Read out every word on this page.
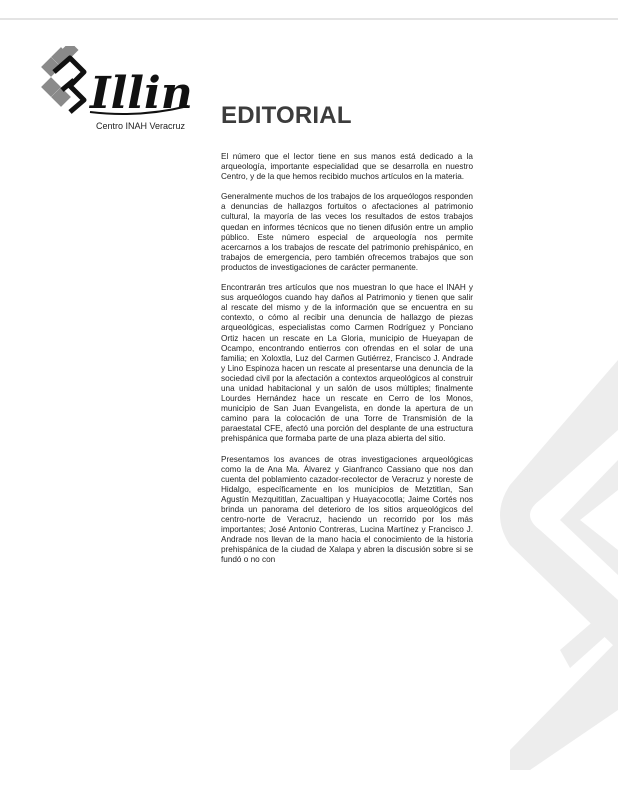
Illin
Centro INAH Veracruz EDITORIAL

El número que el lector tiene en sus manos está dedicado a la arqueología, importante especialidad que se desarrolla en nuestro Centro, y de la que hemos recibido muchos artículos en la materia.

Generalmente muchos de los trabajos de los arqueólogos responden a denuncias de hallazgos fortuitos o afectaciones al patrimonio cultural, la mayoría de las veces los resultados de estos trabajos quedan en informes técnicos que no tienen difusión entre un amplio público. Este número especial de arqueología nos permite acercarnos a los trabajos de rescate del patrimonio prehispánico, en trabajos de emergencia, pero también ofrecemos trabajos que son productos de investigaciones de carácter permanente.

Encontrarán tres artículos que nos muestran lo que hace el INAH y sus arqueólogos cuando hay daños al Patrimonio y tienen que salir al rescate del mismo y de la información que se encuentra en su contexto, o cómo al recibir una denuncia de hallazgo de piezas arqueológicas, especialistas como Carmen Rodríguez y Ponciano Ortiz hacen un rescate en La Gloria, municipio de Hueyapan de Ocampo, encontrando entierros con ofrendas en el solar de una familia; en Xoloxtla, Luz del Carmen Gutiérrez, Francisco J. Andrade y Lino Espinoza hacen un rescate al presentarse una denuncia de la sociedad civil por la afectación a contextos arqueológicos al construir una unidad habitacional y un salón de usos múltiples; finalmente Lourdes Hernández hace un rescate en Cerro de los Monos, municipio de San Juan Evangelista, en donde la apertura de un camino para la colocación de una Torre de Transmisión de la paraestatal CFE, afectó una porción del desplante de una estructura prehispánica que formaba parte de una plaza abierta del sitio.

Presentamos los avances de otras investigaciones arqueológicas como la de Ana Ma. Álvarez y Gianfranco Cassiano que nos dan cuenta del poblamiento cazador-recolector de Veracruz y noreste de Hidalgo, específicamente en los municipios de Metztitlan, San Agustín Mezquititlan, Zacualtipan y Huayacocotla; Jaime Cortés nos brinda un panorama del deterioro de los sitios arqueológicos del centro-norte de Veracruz, haciendo un recorrido por los más importantes; José Antonio Contreras, Lucina Martínez y Francisco J. Andrade nos llevan de la mano hacia el conocimiento de la historia prehispánica de la ciudad de Xalapa y abren la discusión sobre si se fundó o no con
